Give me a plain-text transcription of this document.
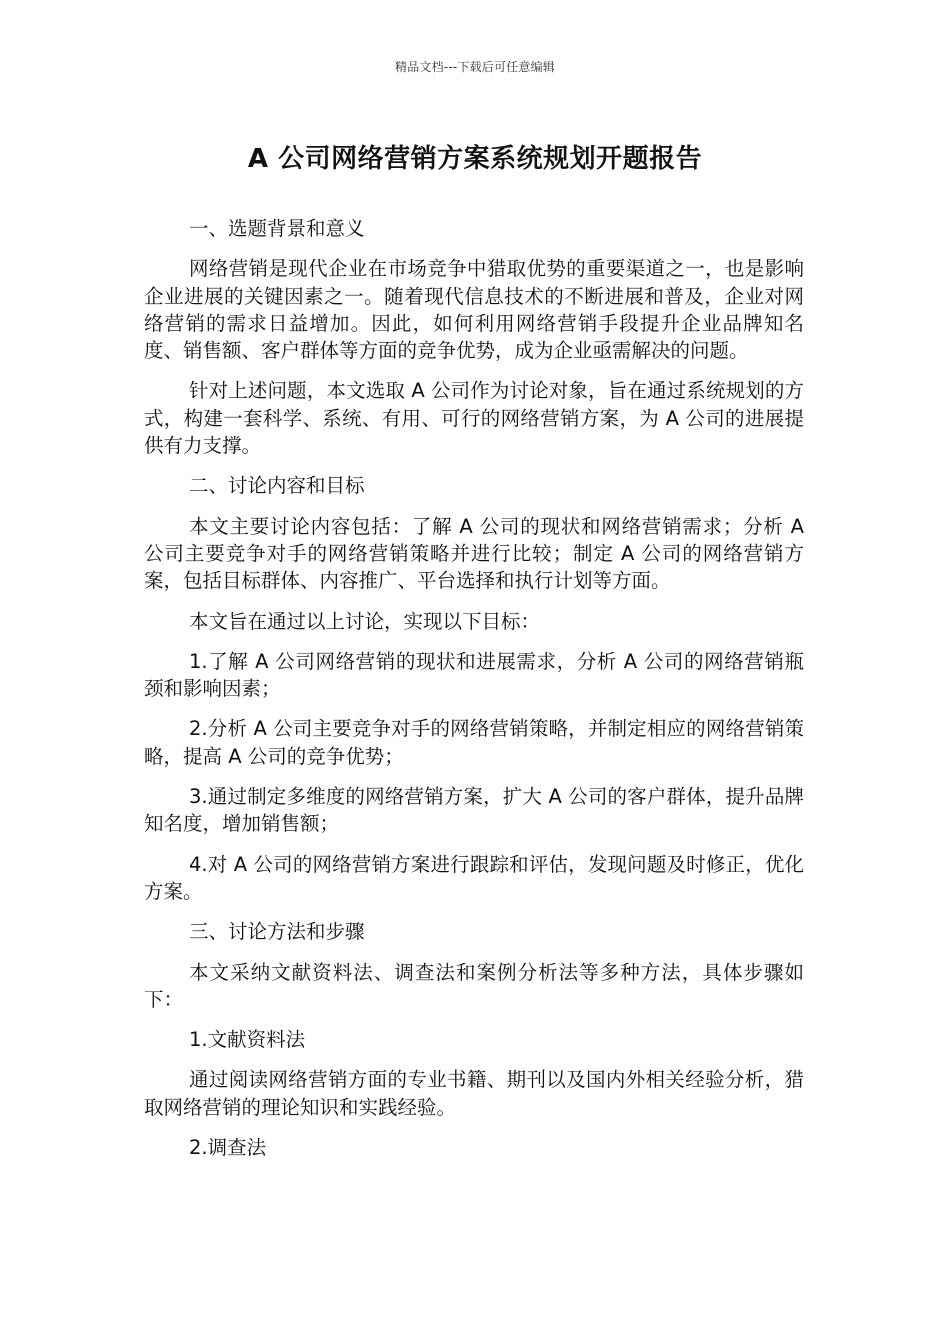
精品文档---下载后可任意编辑
A 公司网络营销方案系统规划开题报告

一、选题背景和意义

网络营销是现代企业在市场竞争中猎取优势的重要渠道之一，也是影响企业进展的关键因素之一。随着现代信息技术的不断进展和普及，企业对网络营销的需求日益增加。因此，如何利用网络营销手段提升企业品牌知名度、销售额、客户群体等方面的竞争优势，成为企业亟需解决的问题。

针对上述问题，本文选取 A 公司作为讨论对象，旨在通过系统规划的方式，构建一套科学、系统、有用、可行的网络营销方案，为 A 公司的进展提供有力支撑。

二、讨论内容和目标

本文主要讨论内容包括：了解 A 公司的现状和网络营销需求；分析 A 公司主要竞争对手的网络营销策略并进行比较；制定 A 公司的网络营销方案，包括目标群体、内容推广、平台选择和执行计划等方面。

本文旨在通过以上讨论，实现以下目标：

1.了解 A 公司网络营销的现状和进展需求，分析 A 公司的网络营销瓶颈和影响因素；

2.分析 A 公司主要竞争对手的网络营销策略，并制定相应的网络营销策略，提高 A 公司的竞争优势；

3.通过制定多维度的网络营销方案，扩大 A 公司的客户群体，提升品牌知名度，增加销售额；

4.对 A 公司的网络营销方案进行跟踪和评估，发现问题及时修正，优化方案。

三、讨论方法和步骤

本文采纳文献资料法、调查法和案例分析法等多种方法，具体步骤如下：

1.文献资料法

通过阅读网络营销方面的专业书籍、期刊以及国内外相关经验分析，猎取网络营销的理论知识和实践经验。

2.调查法
